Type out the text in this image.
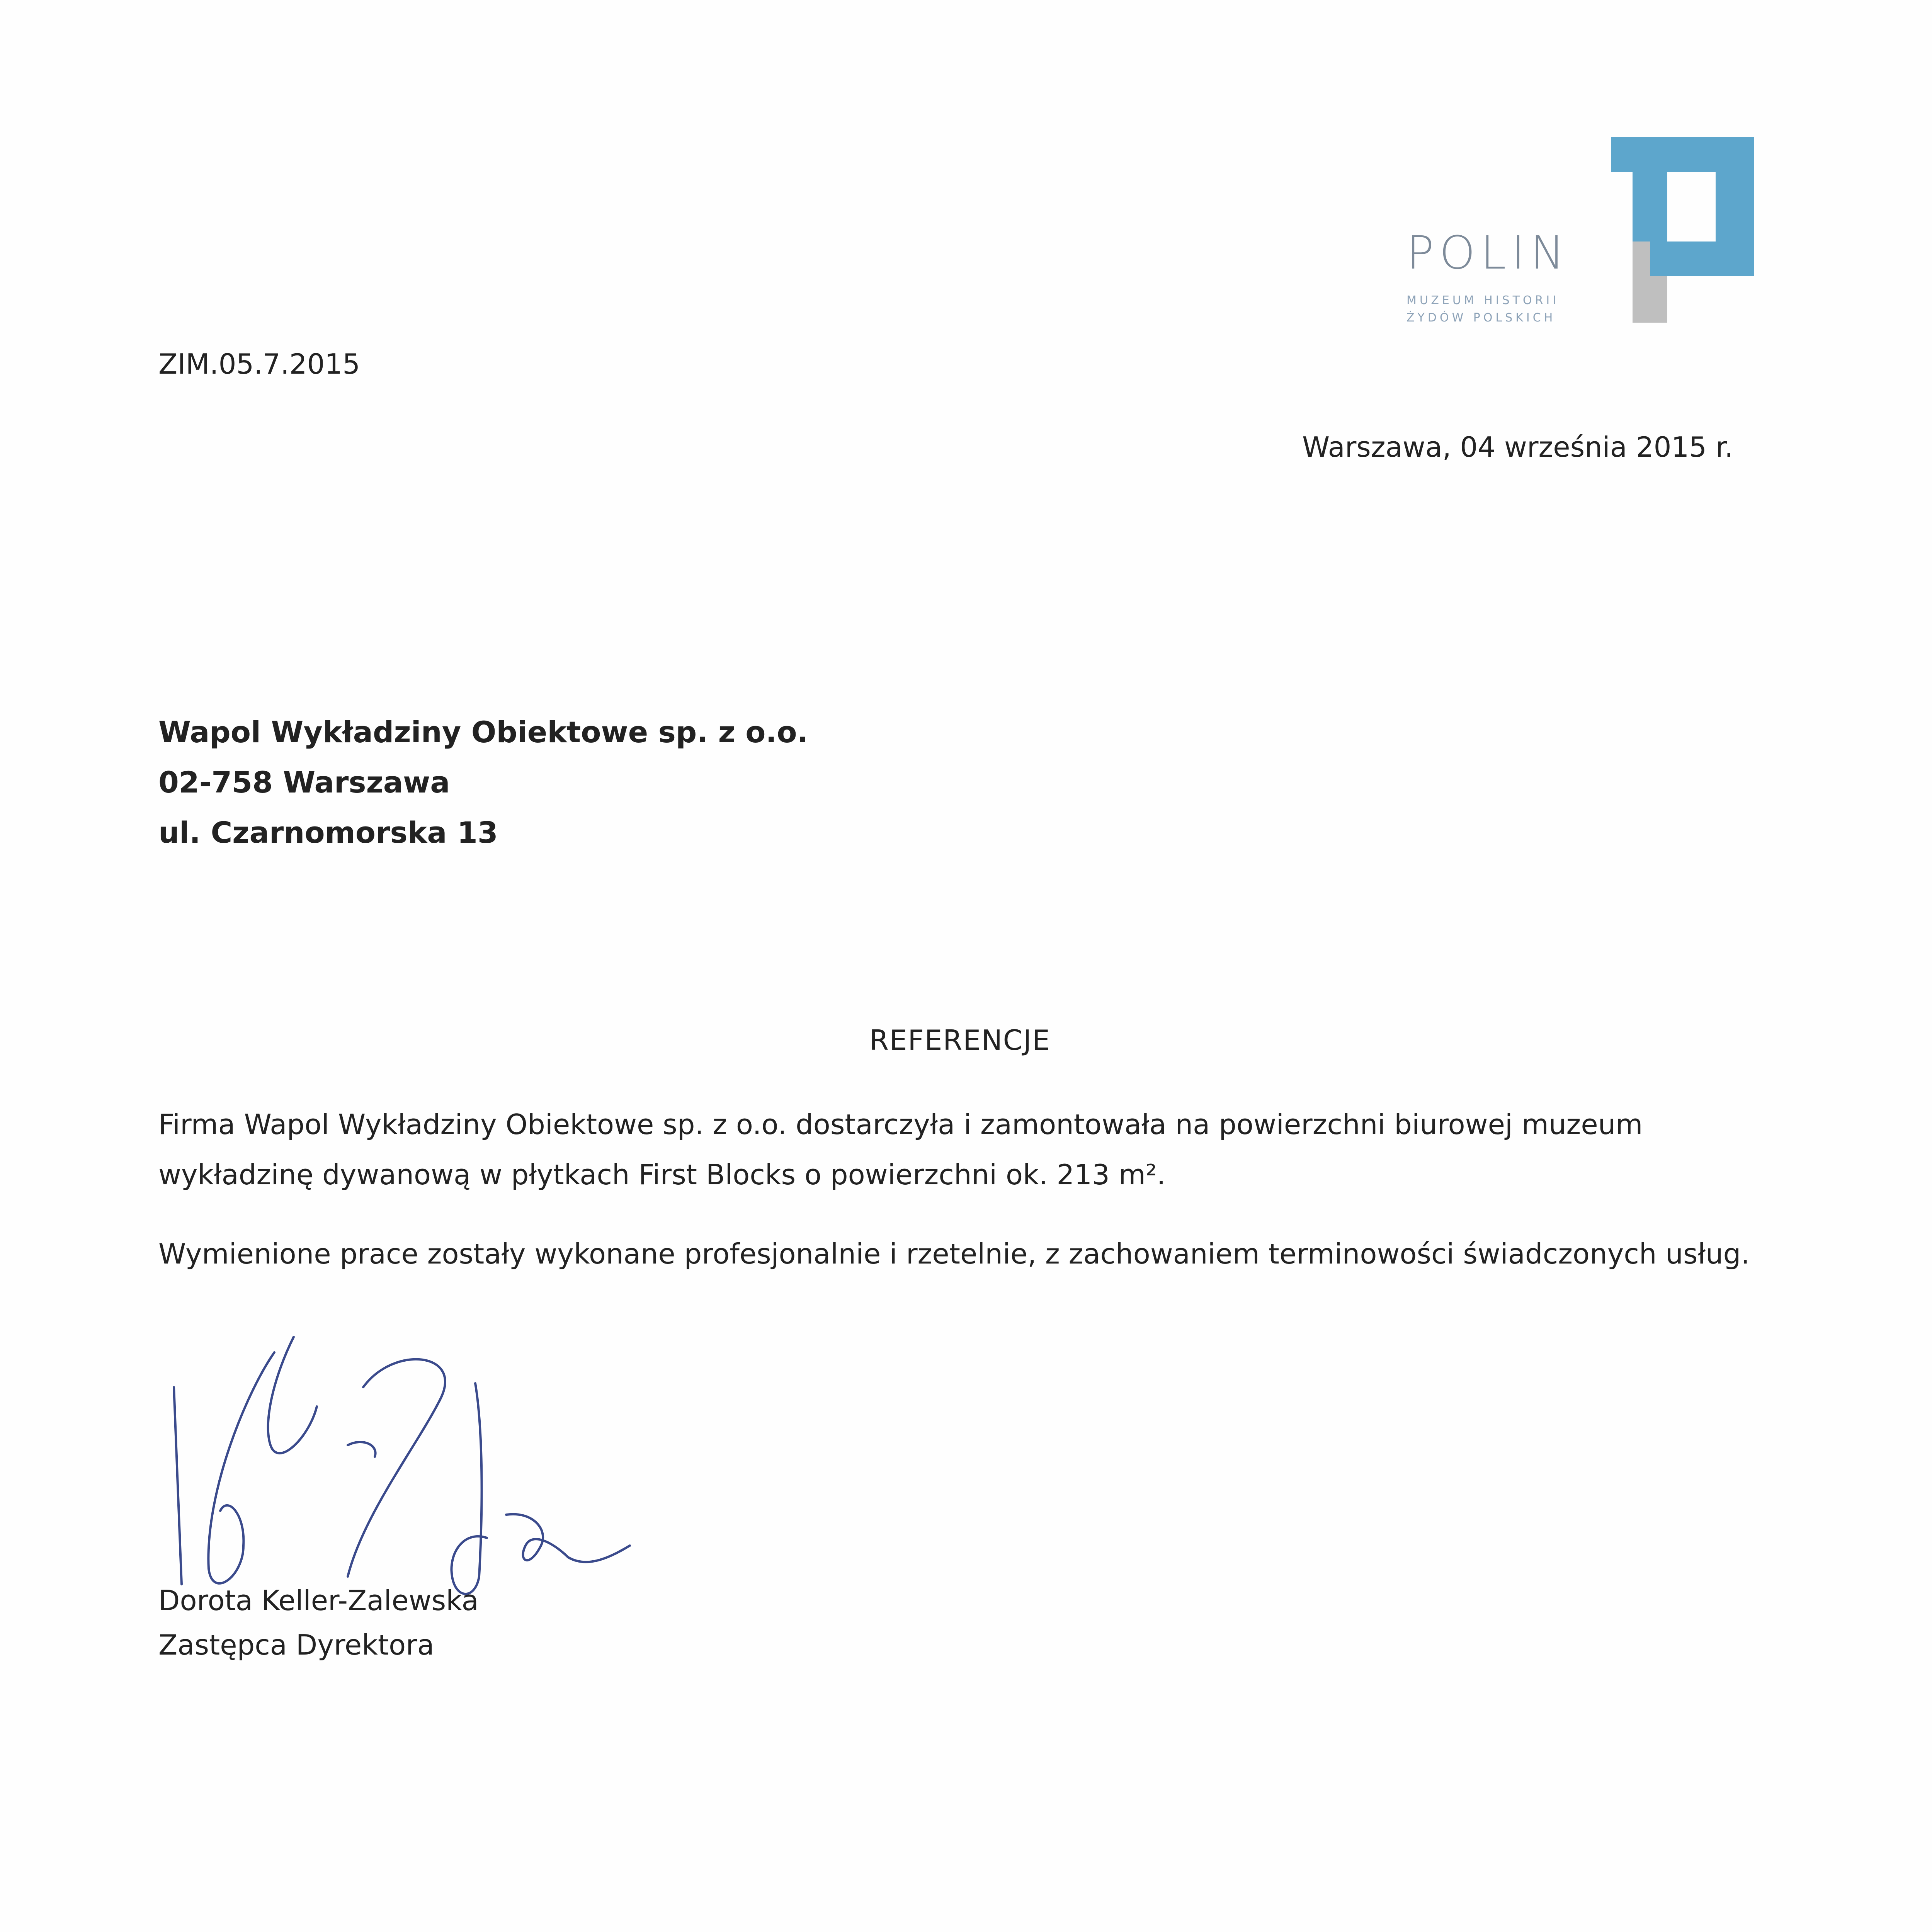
POLIN
MUZEUM HISTORII
ŻYDÓW POLSKICH
ZIM.05.7.2015
Warszawa, 04 września 2015 r.
Wapol Wykładziny Obiektowe sp. z o.o.
02-758 Warszawa
ul. Czarnomorska 13
REFERENCJE
Firma Wapol Wykładziny Obiektowe sp. z o.o. dostarczyła i zamontowała na powierzchni biurowej muzeum wykładzinę dywanową w płytkach First Blocks o powierzchni ok. 213 m².
Wymienione prace zostały wykonane profesjonalnie i rzetelnie, z zachowaniem terminowości świadczonych usług.
Dorota Keller-Zalewska
Zastępca Dyrektora
